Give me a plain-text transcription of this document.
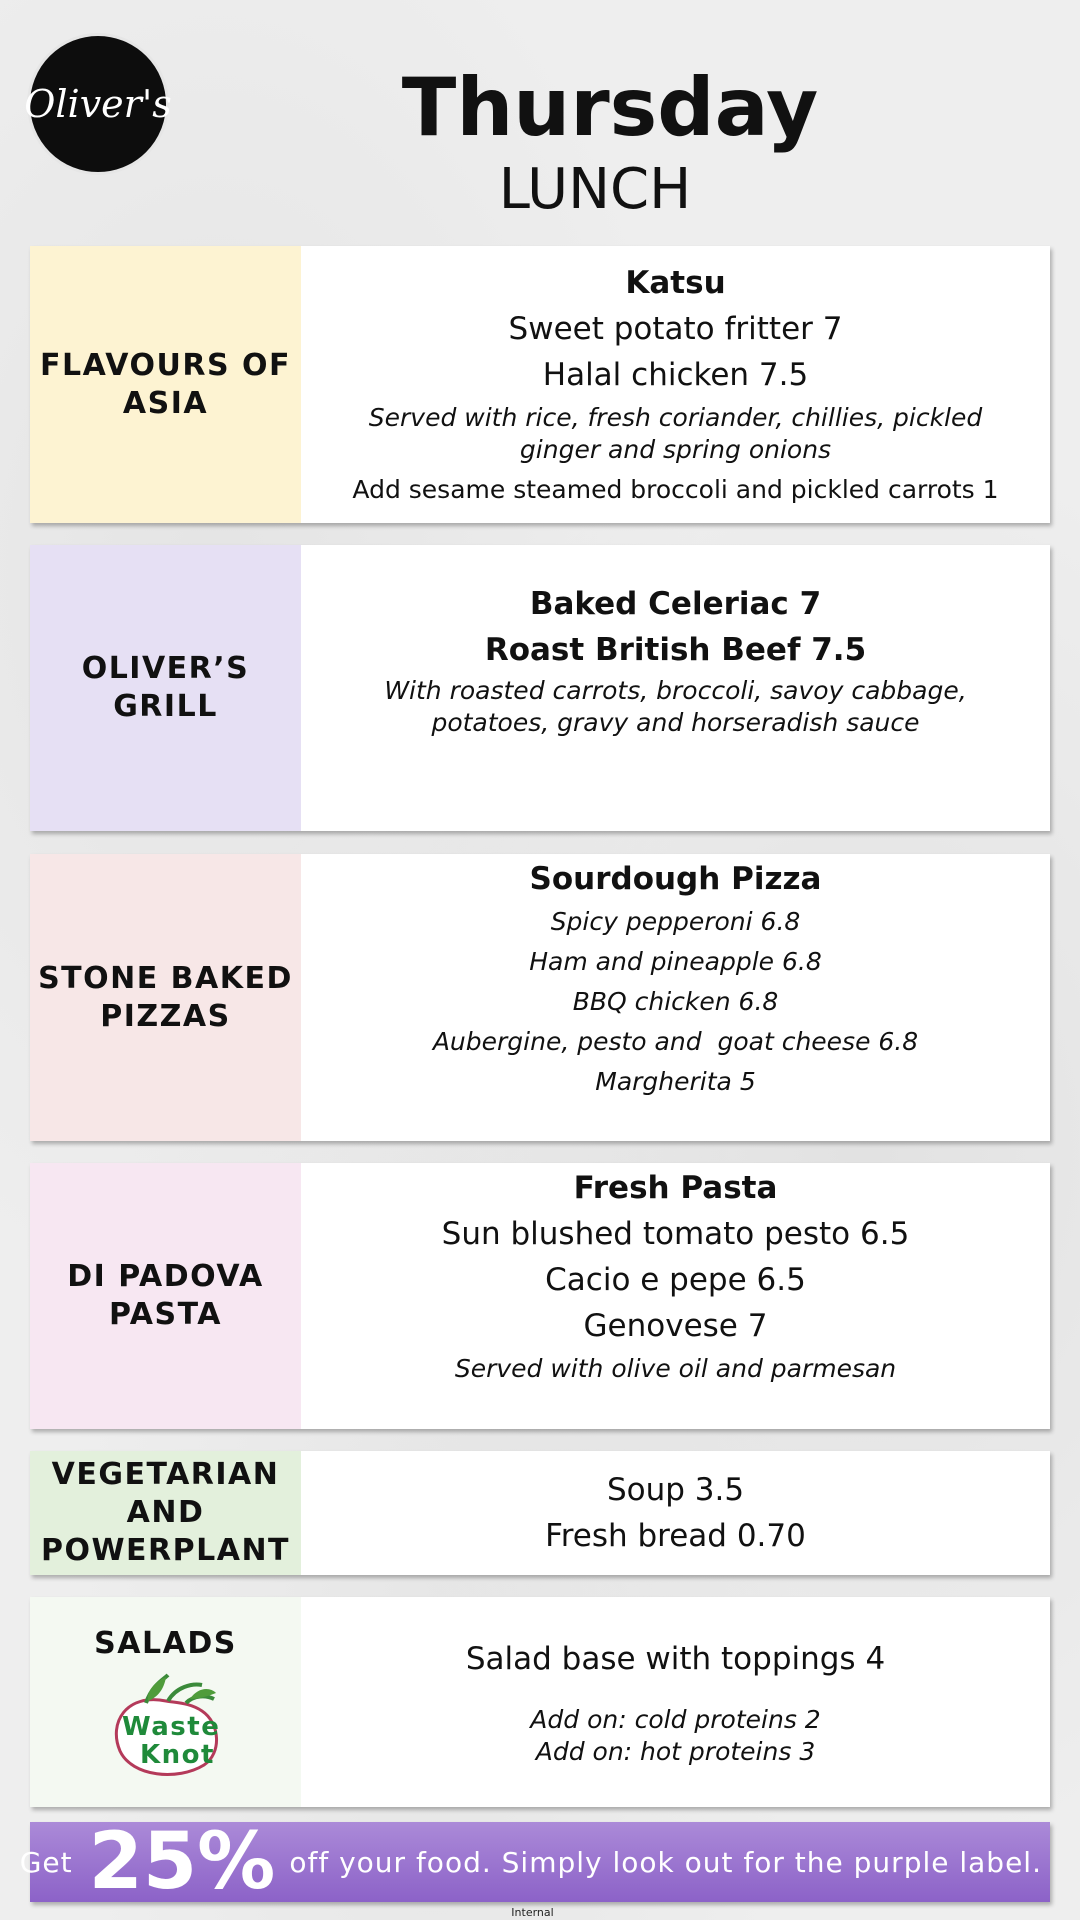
Oliver's	Thursday
LUNCH
FLAVOURS OF ASIA
Katsu
Sweet potato fritter 7
Halal chicken 7.5
Served with rice, fresh coriander, chillies, pickled ginger and spring onions
Add sesame steamed broccoli and pickled carrots 1
OLIVER’S GRILL
Baked Celeriac 7
Roast British Beef 7.5
With roasted carrots, broccoli, savoy cabbage, potatoes, gravy and horseradish sauce
STONE BAKED PIZZAS
Sourdough Pizza
Spicy pepperoni 6.8
Ham and pineapple 6.8
BBQ chicken 6.8
Aubergine, pesto and  goat cheese 6.8
Margherita 5
DI PADOVA PASTA
Fresh Pasta
Sun blushed tomato pesto 6.5
Cacio e pepe 6.5
Genovese 7
Served with olive oil and parmesan
VEGETARIAN AND POWERPLANT
Soup 3.5
Fresh bread 0.70
SALADS
Waste
Knot
Salad base with toppings 4
Add on: cold proteins 2
Add on: hot proteins 3
Get 25% off your food. Simply look out for the purple label.
Internal
